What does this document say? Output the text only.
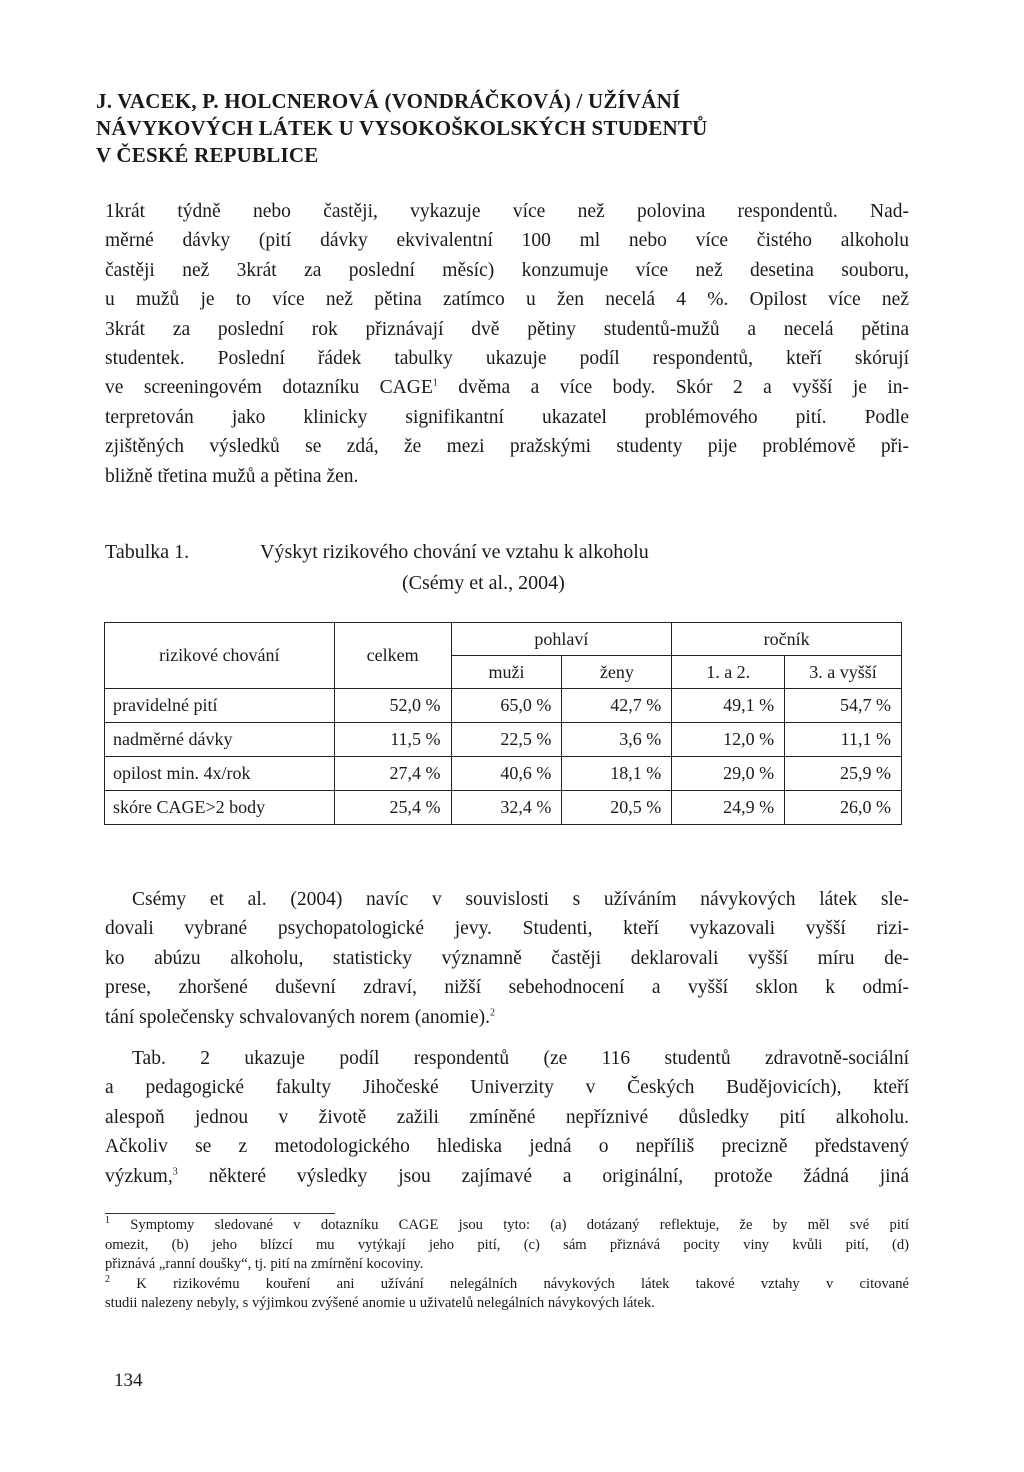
J. VACEK, P. HOLCNEROVÁ (VONDRÁČKOVÁ) / UŽÍVÁNÍ
NÁVYKOVÝCH LÁTEK U VYSOKOŠKOLSKÝCH STUDENTŮ
V ČESKÉ REPUBLICE
1krát týdně nebo častěji, vykazuje více než polovina respondentů. Nad-
měrné dávky (pití dávky ekvivalentní 100 ml nebo více čistého alkoholu
častěji než 3krát za poslední měsíc) konzumuje více než desetina souboru,
u mužů je to více než pětina zatímco u žen necelá 4 %. Opilost více než
3krát za poslední rok přiznávají dvě pětiny studentů-mužů a necelá pětina
studentek. Poslední řádek tabulky ukazuje podíl respondentů, kteří skórují
ve screeningovém dotazníku CAGE$^1$ dvěma a více body. Skór 2 a vyšší je in-
terpretován jako klinicky signifikantní ukazatel problémového pití. Podle
zjištěných výsledků se zdá, že mezi pražskými studenty pije problémově při-
bližně třetina mužů a pětina žen.
Tabulka 1.	Výskyt rizikového chování ve vztahu k alkoholu
(Csémy et al., 2004)
rizikové chování	celkem	pohlaví		ročník	
		muži	ženy	1. a 2.	3. a vyšší
pravidelné pití	52,0 %	65,0 %	42,7 %	49,1 %	54,7 %
nadměrné dávky	11,5 %	22,5 %	3,6 %	12,0 %	11,1 %
opilost min. 4x/rok	27,4 %	40,6 %	18,1 %	29,0 %	25,9 %
skóre CAGE>2 body	25,4 %	32,4 %	20,5 %	24,9 %	26,0 %
Csémy et al. (2004) navíc v souvislosti s užíváním návykových látek sle-
dovali vybrané psychopatologické jevy. Studenti, kteří vykazovali vyšší rizi-
ko abúzu alkoholu, statisticky významně častěji deklarovali vyšší míru de-
prese, zhoršené duševní zdraví, nižší sebehodnocení a vyšší sklon k odmí-
tání společensky schvalovaných norem (anomie).$^2$
Tab. 2 ukazuje podíl respondentů (ze 116 studentů zdravotně-sociální
a pedagogické fakulty Jihočeské Univerzity v Českých Budějovicích), kteří
alespoň jednou v životě zažili zmíněné nepříznivé důsledky pití alkoholu.
Ačkoliv se z metodologického hlediska jedná o nepříliš precizně představený
výzkum,$^3$ některé výsledky jsou zajímavé a originální, protože žádná jiná
$^1$ Symptomy sledované v dotazníku CAGE jsou tyto: (a) dotázaný reflektuje, že by měl své pití
omezit, (b) jeho blízcí mu vytýkají jeho pití, (c) sám přiznává pocity viny kvůli pití, (d)
přiznává „ranní doušky“, tj. pití na zmírnění kocoviny.
$^2$ K rizikovému kouření ani užívání nelegálních návykových látek takové vztahy v citované
studii nalezeny nebyly, s výjimkou zvýšené anomie u uživatelů nelegálních návykových látek.
134
